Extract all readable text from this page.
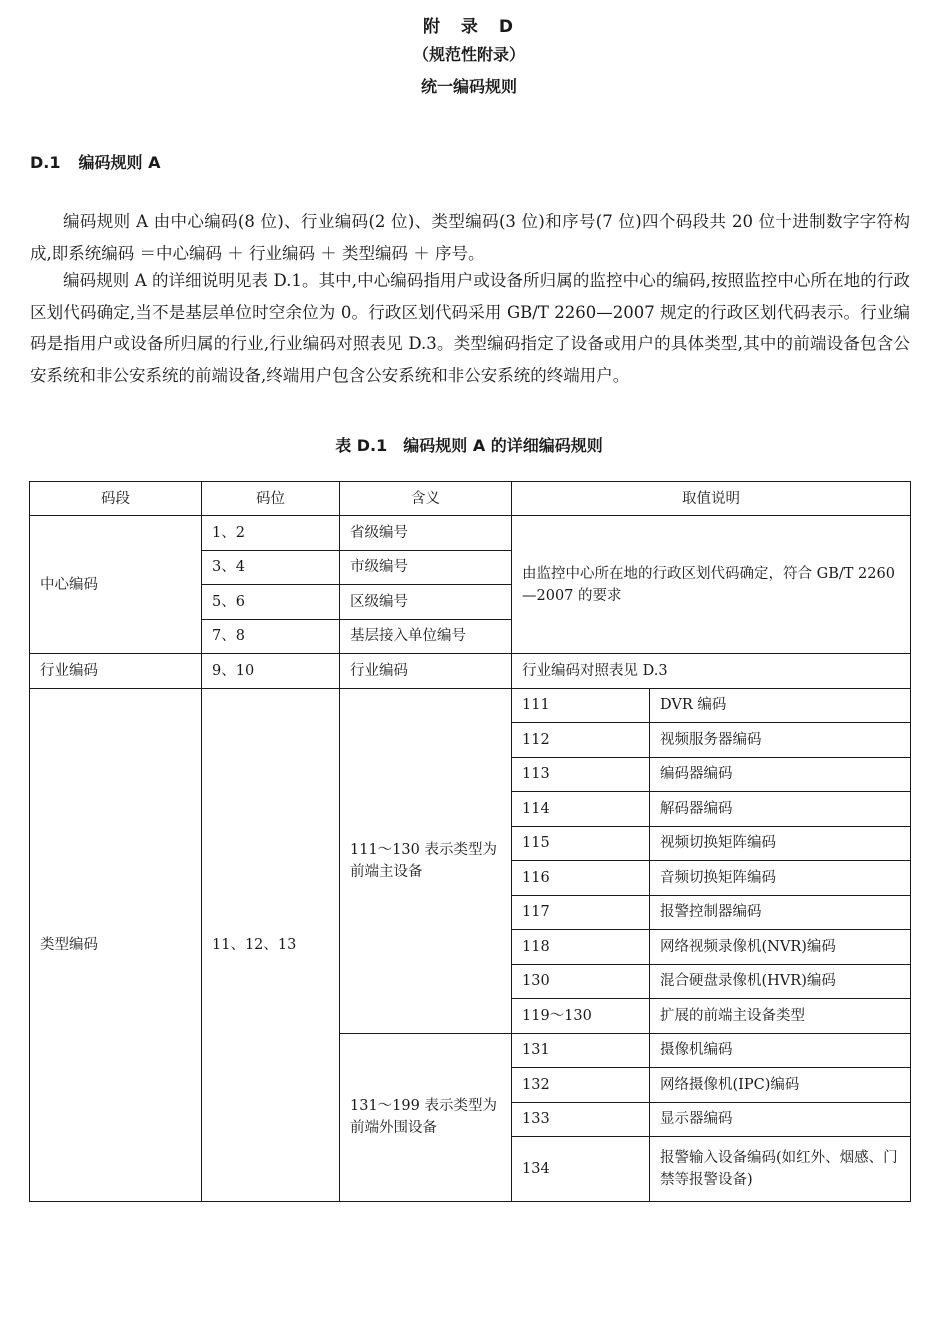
附　录　D
（规范性附录）
统一编码规则
D.1 编码规则 A

编码规则 A 由中心编码(8 位)、行业编码(2 位)、类型编码(3 位)和序号(7 位)四个码段共 20 位十进制数字字符构成,即系统编码 ＝中心编码 ＋ 行业编码 ＋ 类型编码 ＋ 序号。

编码规则 A 的详细说明见表 D.1。其中,中心编码指用户或设备所归属的监控中心的编码,按照监控中心所在地的行政区划代码确定,当不是基层单位时空余位为 0。行政区划代码采用 GB/T 2260—2007 规定的行政区划代码表示。行业编码是指用户或设备所归属的行业,行业编码对照表见 D.3。类型编码指定了设备或用户的具体类型,其中的前端设备包含公安系统和非公安系统的前端设备,终端用户包含公安系统和非公安系统的终端用户。

表 D.1 编码规则 A 的详细编码规则
码段	码位	含义	取值说明	
中心编码	1、2	省级编号	由监控中心所在地的行政区划代码确定，符合 GB/T 2260—2007 的要求	
	3、4	市级编号		
	5、6	区级编号		
	7、8	基层接入单位编号		
行业编码	9、10	行业编码	行业编码对照表见 D.3	
类型编码	11、12、13	111～130 表示类型为前端主设备	111	DVR 编码
			112	视频服务器编码
			113	编码器编码
			114	解码器编码
			115	视频切换矩阵编码
			116	音频切换矩阵编码
			117	报警控制器编码
			118	网络视频录像机(NVR)编码
			130	混合硬盘录像机(HVR)编码
			119～130	扩展的前端主设备类型
		131～199 表示类型为前端外围设备	131	摄像机编码
			132	网络摄像机(IPC)编码
			133	显示器编码
			134	报警输入设备编码(如红外、烟感、门禁等报警设备)
